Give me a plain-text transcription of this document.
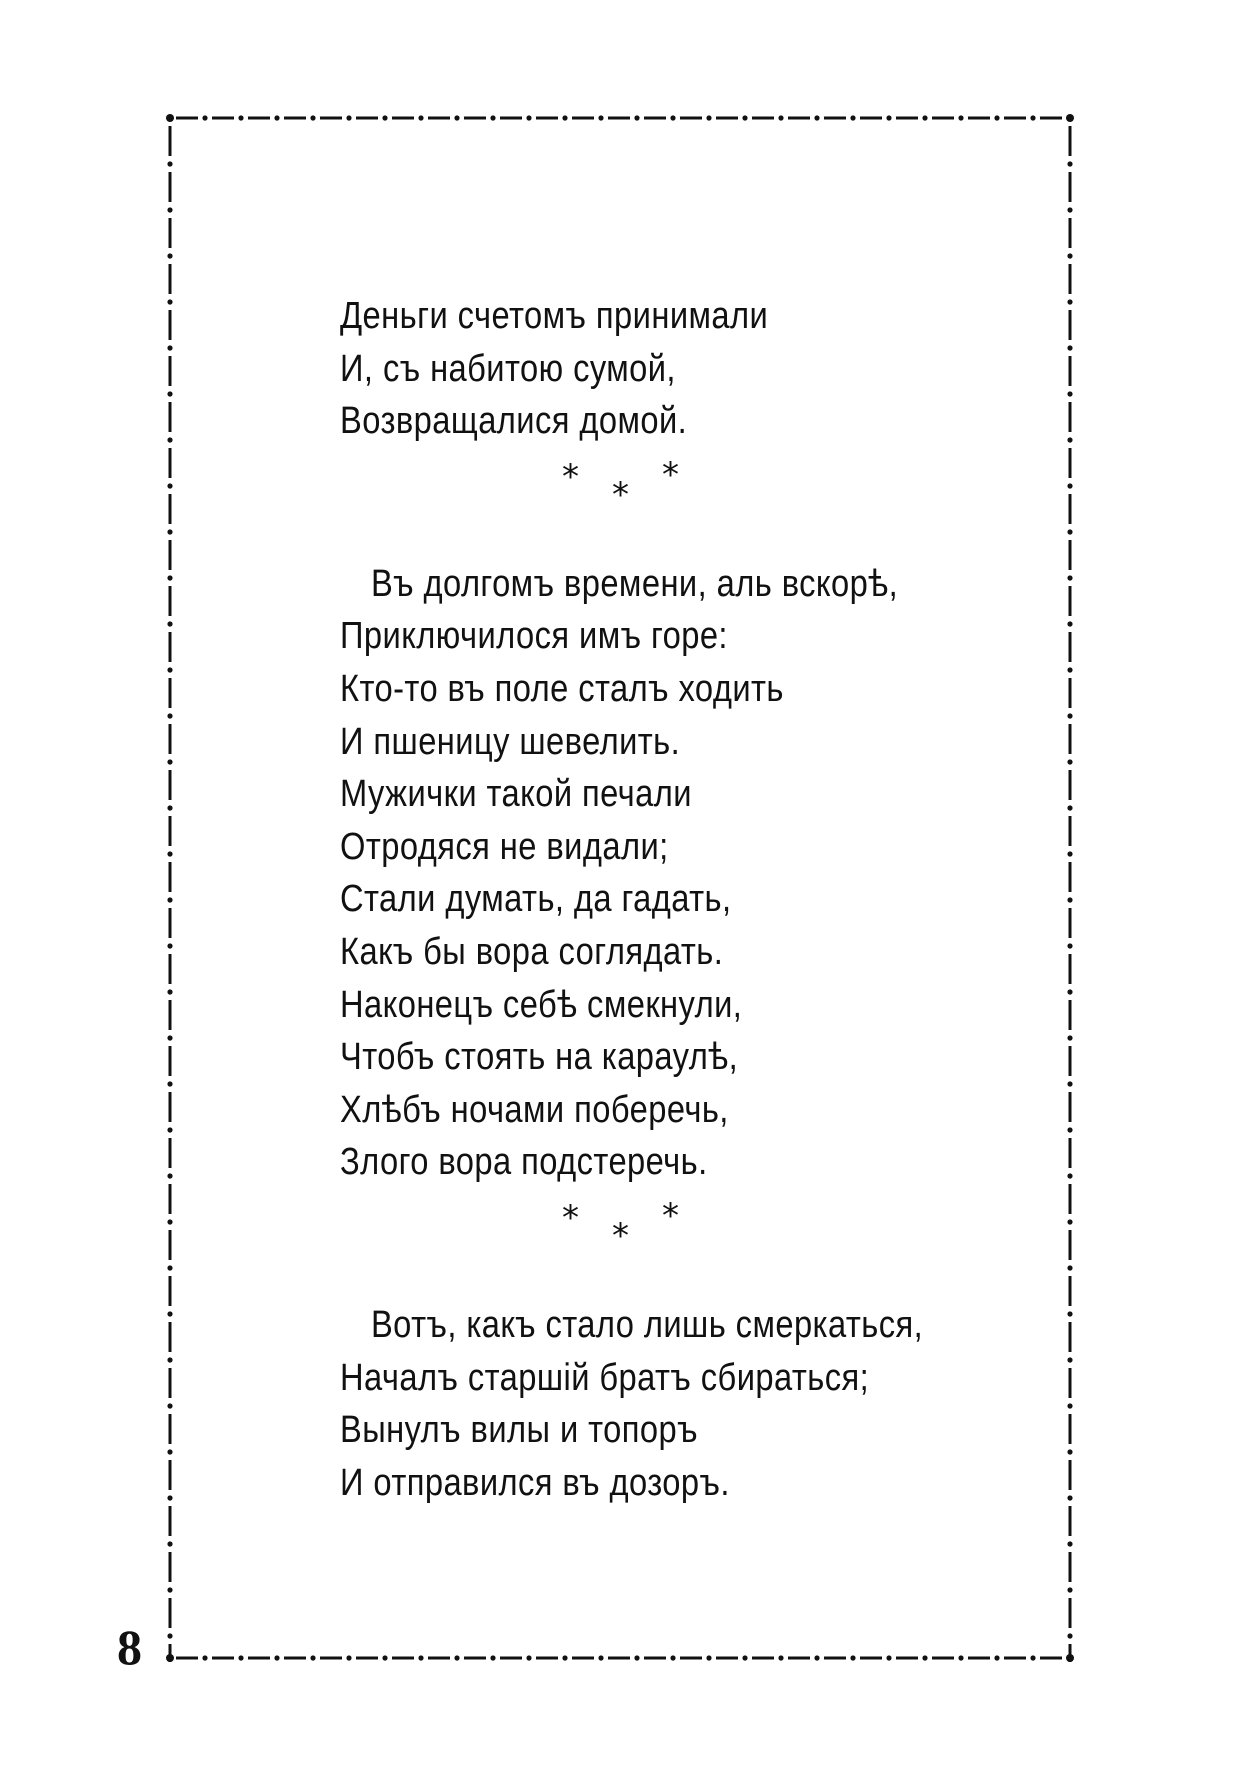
Деньги счетомъ принимали
И, съ набитою сумой,
Возвращалися домой.
* * *
Въ долгомъ времени, аль вскорѣ,
Приключилося имъ горе:
Кто-то въ поле сталъ ходить
И пшеницу шевелить.
Мужички такой печали
Отродяся не видали;
Стали думать, да гадать,
Какъ бы вора соглядать.
Наконецъ себѣ смекнули,
Чтобъ стоять на караулѣ,
Хлѣбъ ночами поберечь,
Злого вора подстеречь.
* * *
Вотъ, какъ стало лишь смеркаться,
Началъ старшій братъ сбираться;
Вынулъ вилы и топоръ
И отправился въ дозоръ.
8
